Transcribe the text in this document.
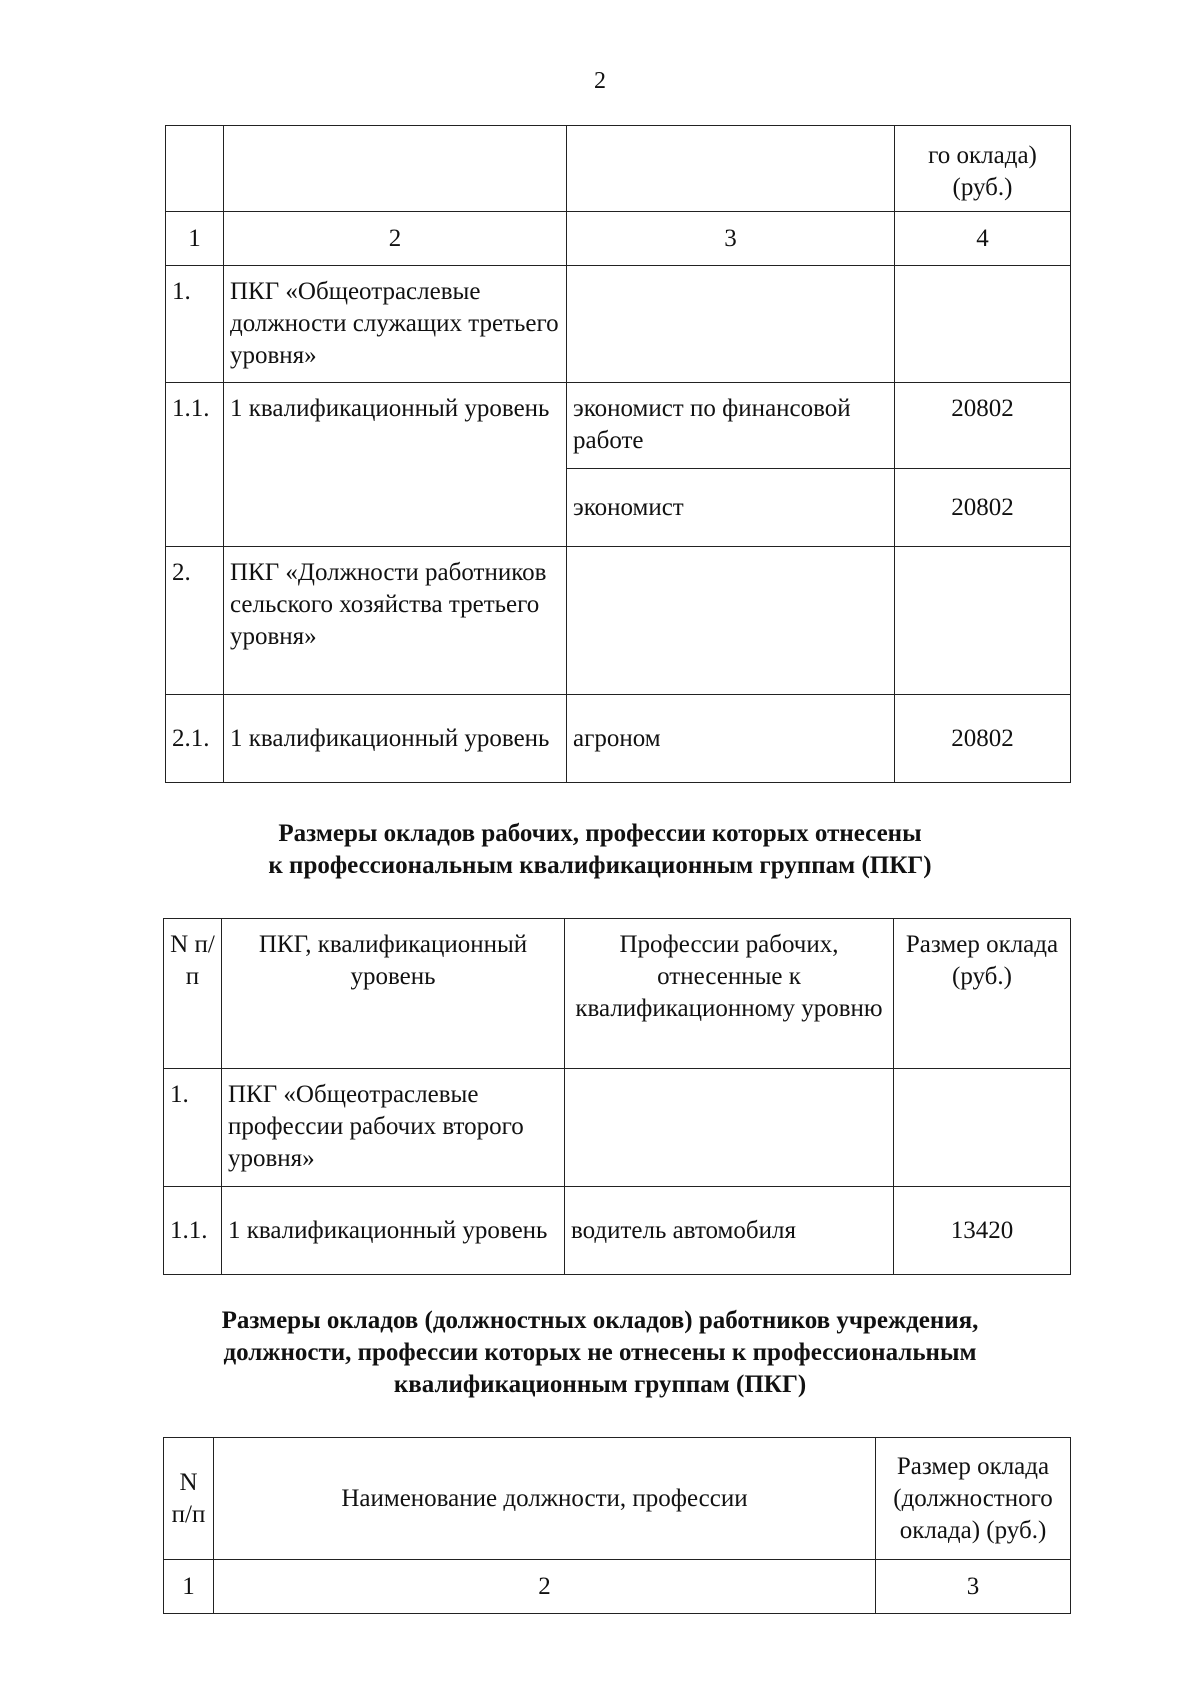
2

			го оклада)
(руб.)

1	2	3	4
1.	ПКГ «Общеотраслевые должности служащих третьего уровня»		
1.1.	1 квалификационный уровень	экономист по финансовой работе	20802
		экономист	20802
2.	ПКГ «Должности работников сельского хозяйства третьего уровня»		
2.1.	1 квалификационный уровень	агроном	20802
Размеры окладов рабочих, профессии которых отнесены
к профессиональным квалификационным группам (ПКГ)
N п/п	ПКГ, квалификационный уровень	Профессии рабочих, отнесенные к квалификационному уровню	Размер оклада (руб.)
1.	ПКГ «Общеотраслевые профессии рабочих второго уровня»		
1.1.	1 квалификационный уровень	водитель автомобиля	13420
Размеры окладов (должностных окладов) работников учреждения,
должности, профессии которых не отнесены к профессиональным
квалификационным группам (ПКГ)
N п/п	Наименование должности, профессии	Размер оклада (должностного оклада) (руб.)
1	2	3
